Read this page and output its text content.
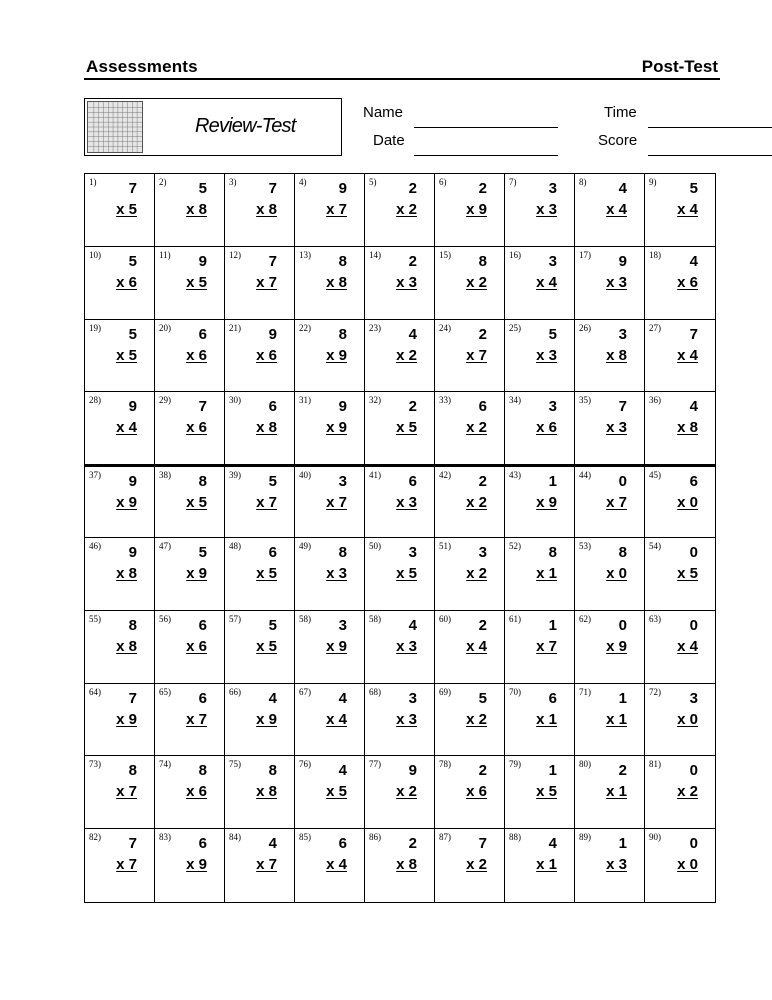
Assessments	Post-Test
Review-Test
Name
Date
Time
Score
1) 7
x 5
2) 5
x 8
3) 7
x 8
4) 9
x 7
5) 2
x 2
6) 2
x 9
7) 3
x 3
8) 4
x 4
9) 5
x 4
10) 5
x 6
11) 9
x 5
12) 7
x 7
13) 8
x 8
14) 2
x 3
15) 8
x 2
16) 3
x 4
17) 9
x 3
18) 4
x 6
19) 5
x 5
20) 6
x 6
21) 9
x 6
22) 8
x 9
23) 4
x 2
24) 2
x 7
25) 5
x 3
26) 3
x 8
27) 7
x 4
28) 9
x 4
29) 7
x 6
30) 6
x 8
31) 9
x 9
32) 2
x 5
33) 6
x 2
34) 3
x 6
35) 7
x 3
36) 4
x 8
37) 9
x 9
38) 8
x 5
39) 5
x 7
40) 3
x 7
41) 6
x 3
42) 2
x 2
43) 1
x 9
44) 0
x 7
45) 6
x 0
46) 9
x 8
47) 5
x 9
48) 6
x 5
49) 8
x 3
50) 3
x 5
51) 3
x 2
52) 8
x 1
53) 8
x 0
54) 0
x 5
55) 8
x 8
56) 6
x 6
57) 5
x 5
58) 3
x 9
58) 4
x 3
60) 2
x 4
61) 1
x 7
62) 0
x 9
63) 0
x 4
64) 7
x 9
65) 6
x 7
66) 4
x 9
67) 4
x 4
68) 3
x 3
69) 5
x 2
70) 6
x 1
71) 1
x 1
72) 3
x 0
73) 8
x 7
74) 8
x 6
75) 8
x 8
76) 4
x 5
77) 9
x 2
78) 2
x 6
79) 1
x 5
80) 2
x 1
81) 0
x 2
82) 7
x 7
83) 6
x 9
84) 4
x 7
85) 6
x 4
86) 2
x 8
87) 7
x 2
88) 4
x 1
89) 1
x 3
90) 0
x 0
